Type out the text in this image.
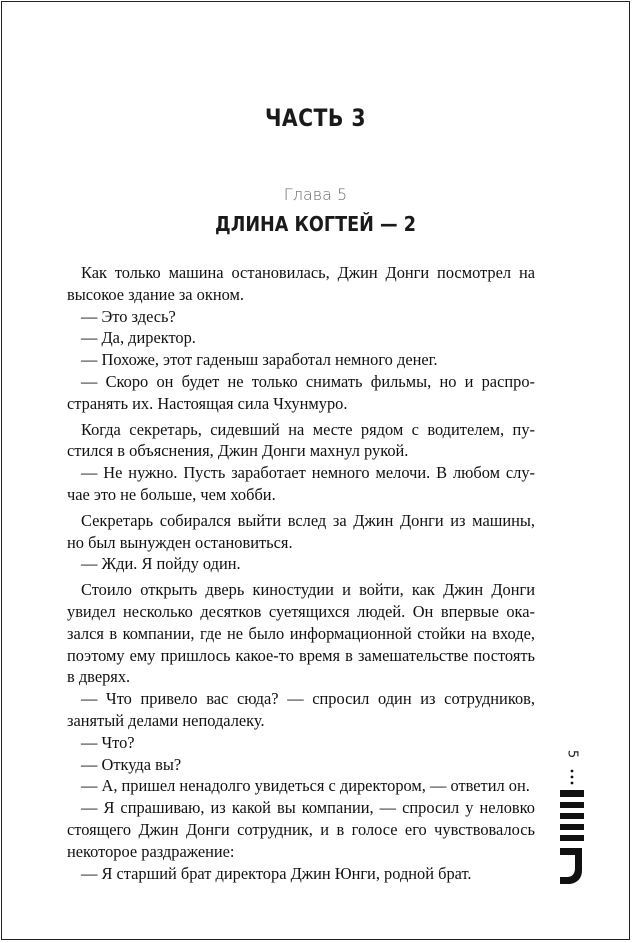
ЧАСТЬ 3
Глава 5
ДЛИНА КОГТЕЙ — 2

Как только машина остановилась, Джин Донги посмотрел на высокое здание за окном.

— Это здесь?

— Да, директор.

— Похоже, этот гаденыш заработал немного денег.

— Скоро он будет не только снимать фильмы, но и распространять их. Настоящая сила Чхунмуро.

Когда секретарь, сидевший на месте рядом с водителем, пустился в объяснения, Джин Донги махнул рукой.

— Не нужно. Пусть заработает немного мелочи. В любом случае это не больше, чем хобби.

Секретарь собирался выйти вслед за Джин Донги из машины, но был вынужден остановиться.

— Жди. Я пойду один.

Стоило открыть дверь киностудии и войти, как Джин Донги увидел несколько десятков суетящихся людей. Он впервые оказался в компании, где не было информационной стойки на входе, поэтому ему пришлось какое-то время в замешательстве постоять в дверях.

— Что привело вас сюда? — спросил один из сотрудников, занятый делами неподалеку.

— Что?

— Откуда вы?

— А, пришел ненадолго увидеться с директором, — ответил он.

— Я спрашиваю, из какой вы компании, — спросил у неловко стоящего Джин Донги сотрудник, и в голосе его чувствовалось некоторое раздражение:

— Я старший брат директора Джин Юнги, родной брат.

5
